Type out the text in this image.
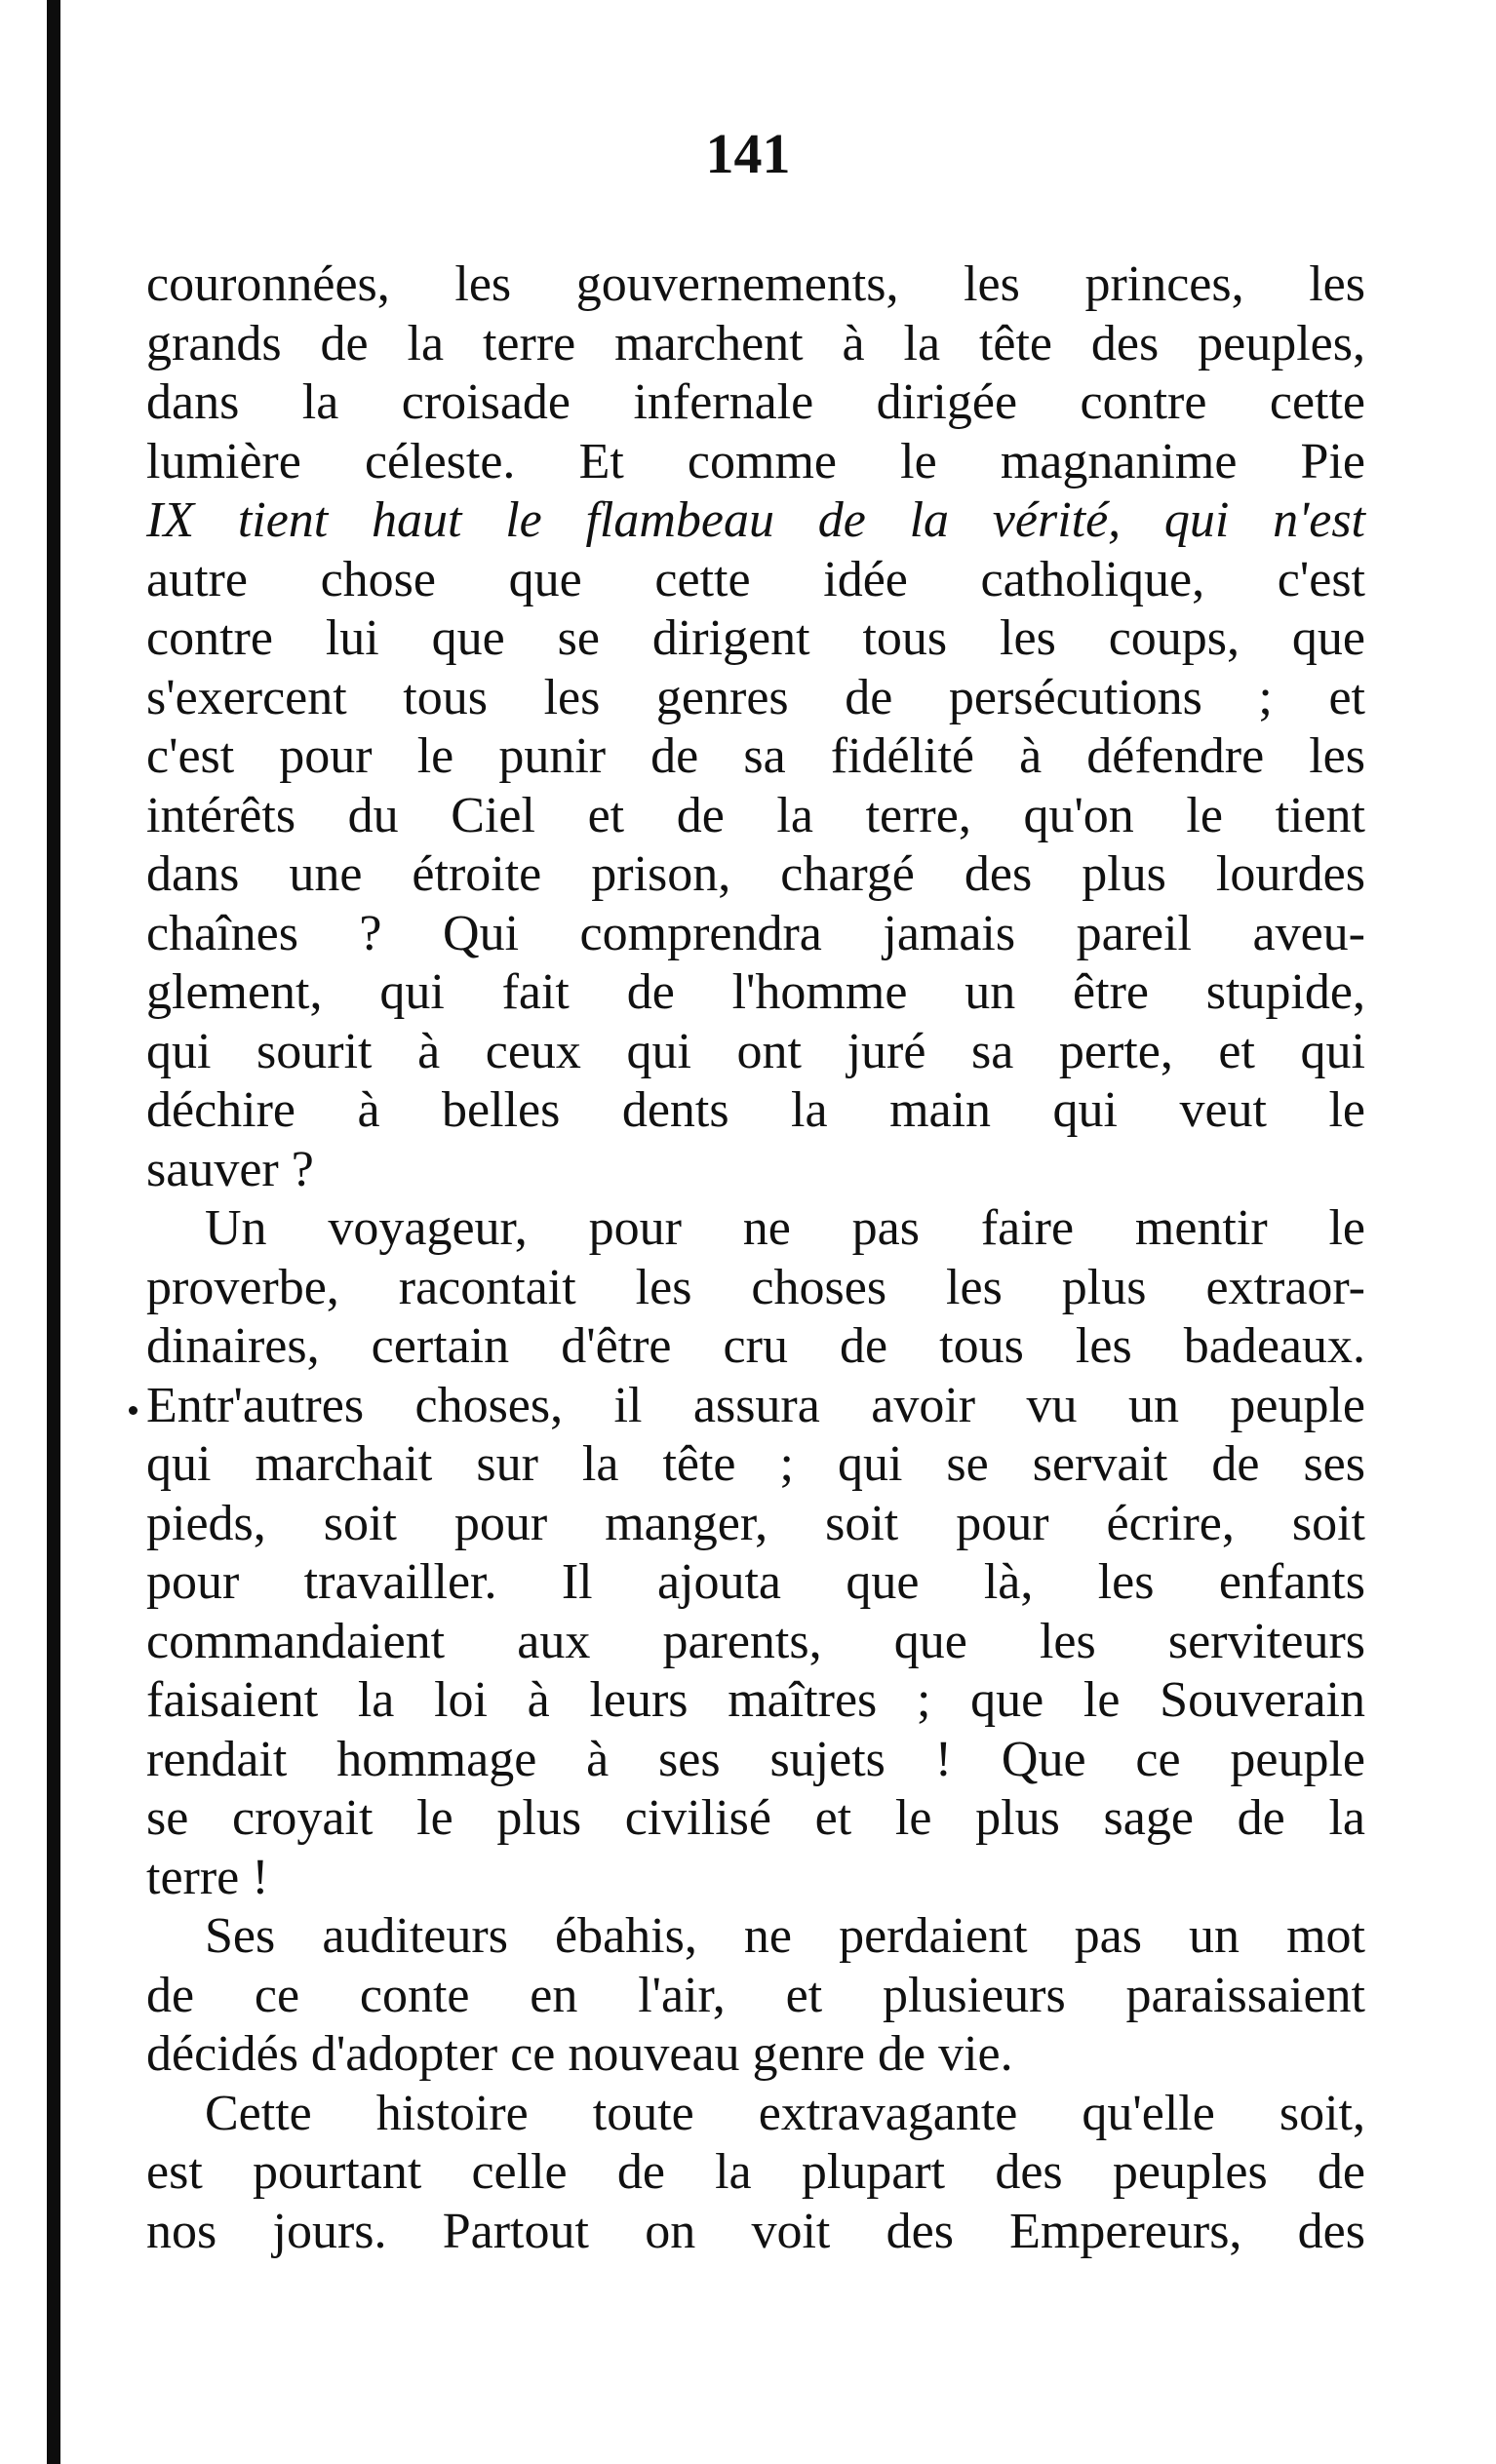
141
couronnées, les gouvernements, les princes, les
grands de la terre marchent à la tête des peuples,
dans la croisade infernale dirigée contre cette
lumière céleste. Et comme le magnanime Pie
IX tient haut le flambeau de la vérité, qui n'est
autre chose que cette idée catholique, c'est
contre lui que se dirigent tous les coups, que
s'exercent tous les genres de persécutions ; et
c'est pour le punir de sa fidélité à défendre les
intérêts du Ciel et de la terre, qu'on le tient
dans une étroite prison, chargé des plus lourdes
chaînes ? Qui comprendra jamais pareil aveu-
glement, qui fait de l'homme un être stupide,
qui sourit à ceux qui ont juré sa perte, et qui
déchire à belles dents la main qui veut le
sauver ?
Un voyageur, pour ne pas faire mentir le
proverbe, racontait les choses les plus extraor-
dinaires, certain d'être cru de tous les badeaux.
Entr'autres choses, il assura avoir vu un peuple
qui marchait sur la tête ; qui se servait de ses
pieds, soit pour manger, soit pour écrire, soit
pour travailler. Il ajouta que là, les enfants
commandaient aux parents, que les serviteurs
faisaient la loi à leurs maîtres ; que le Souverain
rendait hommage à ses sujets ! Que ce peuple
se croyait le plus civilisé et le plus sage de la
terre !
Ses auditeurs ébahis, ne perdaient pas un mot
de ce conte en l'air, et plusieurs paraissaient
décidés d'adopter ce nouveau genre de vie.
Cette histoire toute extravagante qu'elle soit,
est pourtant celle de la plupart des peuples de
nos jours. Partout on voit des Empereurs, des
